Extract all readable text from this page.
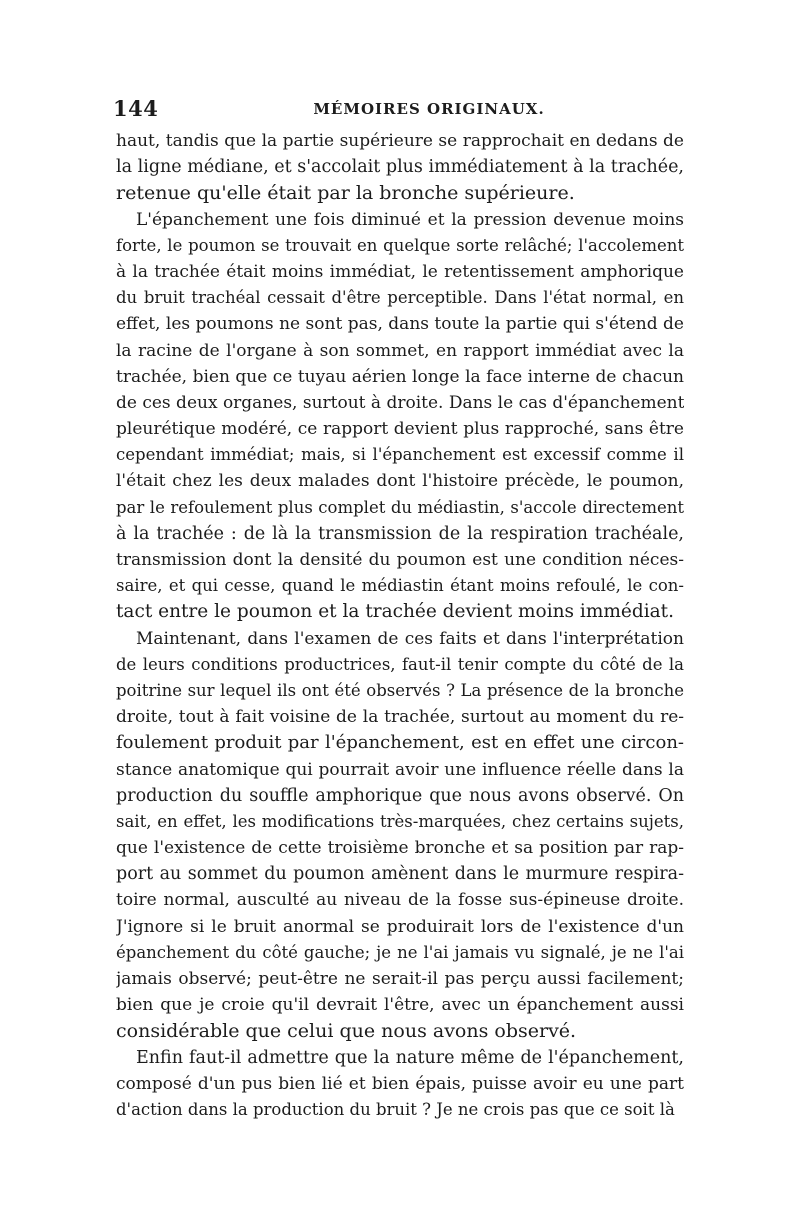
144	MÉMOIRES ORIGINAUX.
haut, tandis que la partie supérieure se rapprochait en dedans de
la ligne médiane, et s'accolait plus immédiatement à la trachée,
retenue qu'elle était par la bronche supérieure.
L'épanchement une fois diminué et la pression devenue moins
forte, le poumon se trouvait en quelque sorte relâché; l'accolement
à la trachée était moins immédiat, le retentissement amphorique
du bruit trachéal cessait d'être perceptible. Dans l'état normal, en
effet, les poumons ne sont pas, dans toute la partie qui s'étend de
la racine de l'organe à son sommet, en rapport immédiat avec la
trachée, bien que ce tuyau aérien longe la face interne de chacun
de ces deux organes, surtout à droite. Dans le cas d'épanchement
pleurétique modéré, ce rapport devient plus rapproché, sans être
cependant immédiat; mais, si l'épanchement est excessif comme il
l'était chez les deux malades dont l'histoire précède, le poumon,
par le refoulement plus complet du médiastin, s'accole directement
à la trachée : de là la transmission de la respiration trachéale,
transmission dont la densité du poumon est une condition néces-
saire, et qui cesse, quand le médiastin étant moins refoulé, le con-
tact entre le poumon et la trachée devient moins immédiat.
Maintenant, dans l'examen de ces faits et dans l'interprétation
de leurs conditions productrices, faut-il tenir compte du côté de la
poitrine sur lequel ils ont été observés ? La présence de la bronche
droite, tout à fait voisine de la trachée, surtout au moment du re-
foulement produit par l'épanchement, est en effet une circon-
stance anatomique qui pourrait avoir une influence réelle dans la
production du souffle amphorique que nous avons observé. On
sait, en effet, les modifications très-marquées, chez certains sujets,
que l'existence de cette troisième bronche et sa position par rap-
port au sommet du poumon amènent dans le murmure respira-
toire normal, ausculté au niveau de la fosse sus-épineuse droite.
J'ignore si le bruit anormal se produirait lors de l'existence d'un
épanchement du côté gauche; je ne l'ai jamais vu signalé, je ne l'ai
jamais observé; peut-être ne serait-il pas perçu aussi facilement;
bien que je croie qu'il devrait l'être, avec un épanchement aussi
considérable que celui que nous avons observé.
Enfin faut-il admettre que la nature même de l'épanchement,
composé d'un pus bien lié et bien épais, puisse avoir eu une part
d'action dans la production du bruit ? Je ne crois pas que ce soit là
